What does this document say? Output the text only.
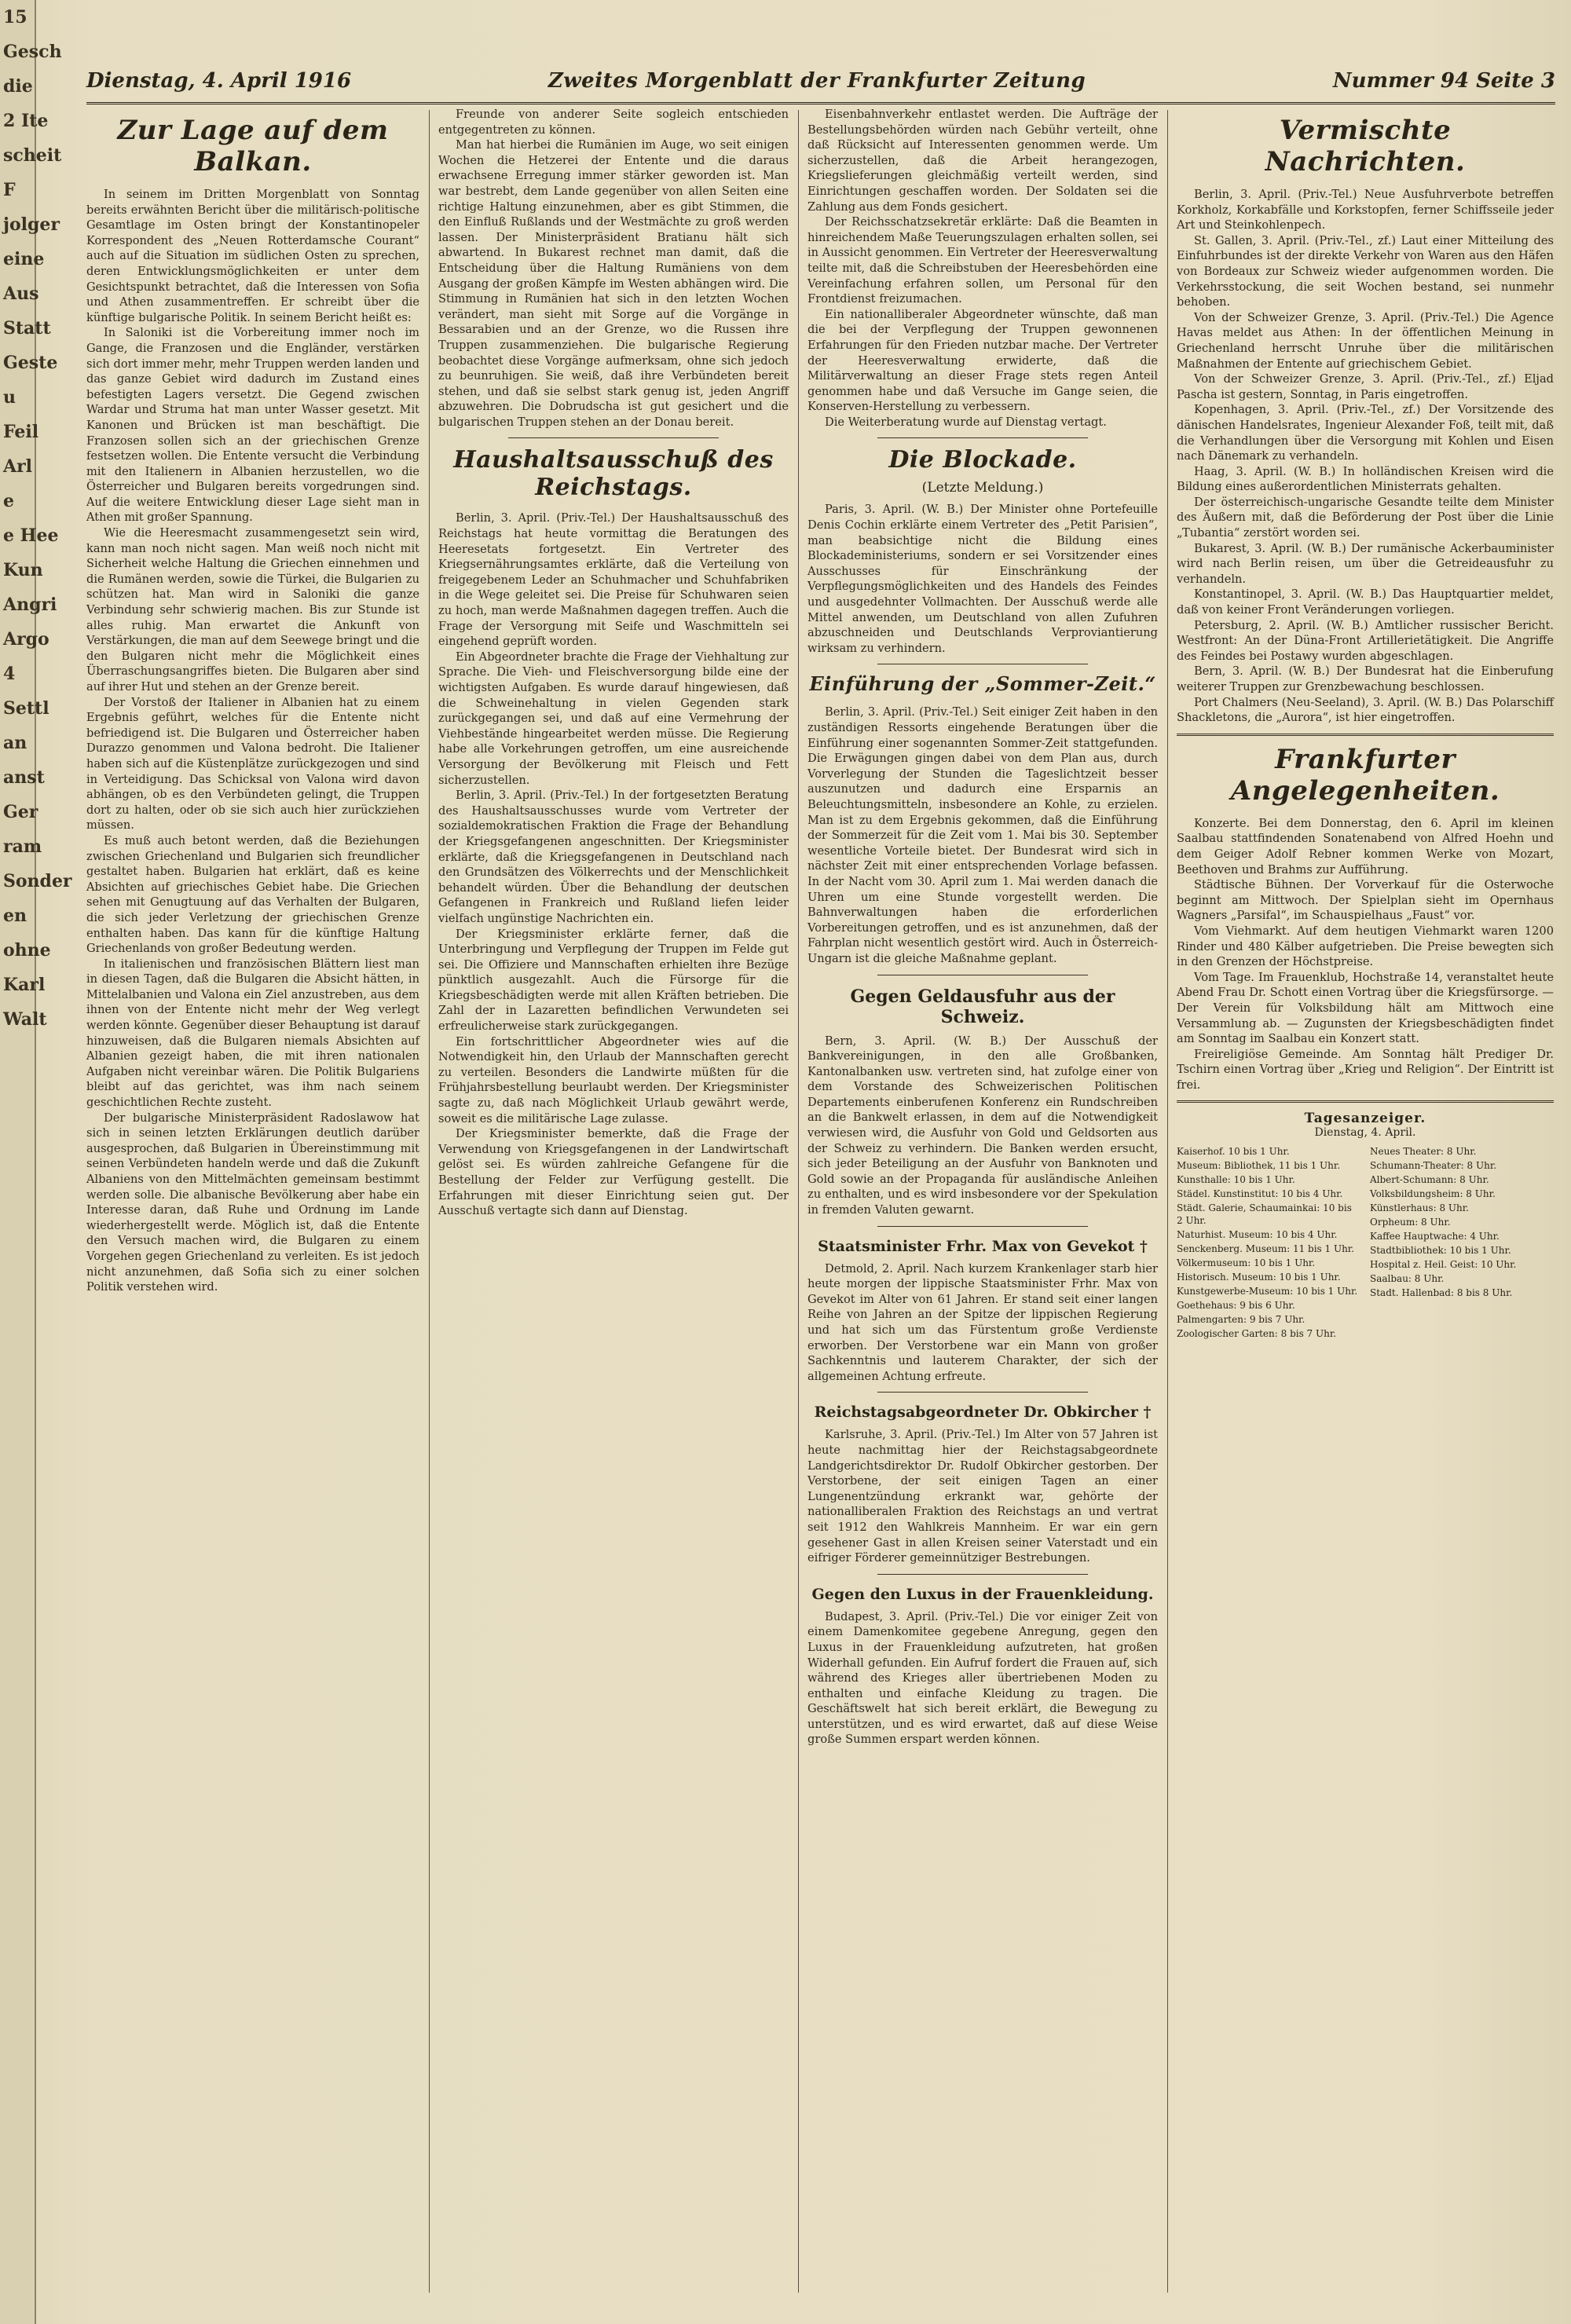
15
Gesch
die
2 Ite
scheit
F
jolger
eine
Aus
Statt
Geste
u
Feil
Arl
e
e Hee
Kun
Angri
Argo
4
Settl
an
anst
Ger
ram
Sonder
en
ohne
Karl
Walt
Dienstag, 4. April 1916	Zweites Morgenblatt der Frankfurter Zeitung	Nummer 94 Seite 3
Zur Lage auf dem Balkan.

In seinem im Dritten Morgenblatt von Sonntag bereits erwähnten Bericht über die militärisch-politische Gesamtlage im Osten bringt der Konstantinopeler Korrespondent des „Neuen Rotterdamsche Courant“ auch auf die Situation im südlichen Osten zu sprechen, deren Entwicklungsmöglichkeiten er unter dem Gesichtspunkt betrachtet, daß die Interessen von Sofia und Athen zusammentreffen. Er schreibt über die künftige bulgarische Politik. In seinem Bericht heißt es:

In Saloniki ist die Vorbereitung immer noch im Gange, die Franzosen und die Engländer, verstärken sich dort immer mehr, mehr Truppen werden landen und das ganze Gebiet wird dadurch im Zustand eines befestigten Lagers versetzt. Die Gegend zwischen Wardar und Struma hat man unter Wasser gesetzt. Mit Kanonen und Brücken ist man beschäftigt. Die Franzosen sollen sich an der griechischen Grenze festsetzen wollen. Die Entente versucht die Verbindung mit den Italienern in Albanien herzustellen, wo die Österreicher und Bulgaren bereits vorgedrungen sind. Auf die weitere Entwicklung dieser Lage sieht man in Athen mit großer Spannung.

Wie die Heeresmacht zusammengesetzt sein wird, kann man noch nicht sagen. Man weiß noch nicht mit Sicherheit welche Haltung die Griechen einnehmen und die Rumänen werden, sowie die Türkei, die Bulgarien zu schützen hat. Man wird in Saloniki die ganze Verbindung sehr schwierig machen. Bis zur Stunde ist alles ruhig. Man erwartet die Ankunft von Verstärkungen, die man auf dem Seewege bringt und die den Bulgaren nicht mehr die Möglichkeit eines Überraschungsangriffes bieten. Die Bulgaren aber sind auf ihrer Hut und stehen an der Grenze bereit.

Der Vorstoß der Italiener in Albanien hat zu einem Ergebnis geführt, welches für die Entente nicht befriedigend ist. Die Bulgaren und Österreicher haben Durazzo genommen und Valona bedroht. Die Italiener haben sich auf die Küstenplätze zurückgezogen und sind in Verteidigung. Das Schicksal von Valona wird davon abhängen, ob es den Verbündeten gelingt, die Truppen dort zu halten, oder ob sie sich auch hier zurückziehen müssen.

Es muß auch betont werden, daß die Beziehungen zwischen Griechenland und Bulgarien sich freundlicher gestaltet haben. Bulgarien hat erklärt, daß es keine Absichten auf griechisches Gebiet habe. Die Griechen sehen mit Genugtuung auf das Verhalten der Bulgaren, die sich jeder Verletzung der griechischen Grenze enthalten haben. Das kann für die künftige Haltung Griechenlands von großer Bedeutung werden.

In italienischen und französischen Blättern liest man in diesen Tagen, daß die Bulgaren die Absicht hätten, in Mittelalbanien und Valona ein Ziel anzustreben, aus dem ihnen von der Entente nicht mehr der Weg verlegt werden könnte. Gegenüber dieser Behauptung ist darauf hinzuweisen, daß die Bulgaren niemals Absichten auf Albanien gezeigt haben, die mit ihren nationalen Aufgaben nicht vereinbar wären. Die Politik Bulgariens bleibt auf das gerichtet, was ihm nach seinem geschichtlichen Rechte zusteht.

Der bulgarische Ministerpräsident Radoslawow hat sich in seinen letzten Erklärungen deutlich darüber ausgesprochen, daß Bulgarien in Übereinstimmung mit seinen Verbündeten handeln werde und daß die Zukunft Albaniens von den Mittelmächten gemeinsam bestimmt werden solle. Die albanische Bevölkerung aber habe ein Interesse daran, daß Ruhe und Ordnung im Lande wiederhergestellt werde. Möglich ist, daß die Entente den Versuch machen wird, die Bulgaren zu einem Vorgehen gegen Griechenland zu verleiten. Es ist jedoch nicht anzunehmen, daß Sofia sich zu einer solchen Politik verstehen wird.

Freunde von anderer Seite sogleich entschieden entgegentreten zu können.

Man hat hierbei die Rumänien im Auge, wo seit einigen Wochen die Hetzerei der Entente und die daraus erwachsene Erregung immer stärker geworden ist. Man war bestrebt, dem Lande gegenüber von allen Seiten eine richtige Haltung einzunehmen, aber es gibt Stimmen, die den Einfluß Rußlands und der Westmächte zu groß werden lassen. Der Ministerpräsident Bratianu hält sich abwartend. In Bukarest rechnet man damit, daß die Entscheidung über die Haltung Rumäniens von dem Ausgang der großen Kämpfe im Westen abhängen wird. Die Stimmung in Rumänien hat sich in den letzten Wochen verändert, man sieht mit Sorge auf die Vorgänge in Bessarabien und an der Grenze, wo die Russen ihre Truppen zusammenziehen. Die bulgarische Regierung beobachtet diese Vorgänge aufmerksam, ohne sich jedoch zu beunruhigen. Sie weiß, daß ihre Verbündeten bereit stehen, und daß sie selbst stark genug ist, jeden Angriff abzuwehren. Die Dobrudscha ist gut gesichert und die bulgarischen Truppen stehen an der Donau bereit.

Haushaltsausschuß des Reichstags.

Berlin, 3. April. (Priv.-Tel.) Der Haushaltsausschuß des Reichstags hat heute vormittag die Beratungen des Heeresetats fortgesetzt. Ein Vertreter des Kriegsernährungsamtes erklärte, daß die Verteilung von freigegebenem Leder an Schuhmacher und Schuhfabriken in die Wege geleitet sei. Die Preise für Schuhwaren seien zu hoch, man werde Maßnahmen dagegen treffen. Auch die Frage der Versorgung mit Seife und Waschmitteln sei eingehend geprüft worden.

Ein Abgeordneter brachte die Frage der Viehhaltung zur Sprache. Die Vieh- und Fleischversorgung bilde eine der wichtigsten Aufgaben. Es wurde darauf hingewiesen, daß die Schweinehaltung in vielen Gegenden stark zurückgegangen sei, und daß auf eine Vermehrung der Viehbestände hingearbeitet werden müsse. Die Regierung habe alle Vorkehrungen getroffen, um eine ausreichende Versorgung der Bevölkerung mit Fleisch und Fett sicherzustellen.

Berlin, 3. April. (Priv.-Tel.) In der fortgesetzten Beratung des Haushaltsausschusses wurde vom Vertreter der sozialdemokratischen Fraktion die Frage der Behandlung der Kriegsgefangenen angeschnitten. Der Kriegsminister erklärte, daß die Kriegsgefangenen in Deutschland nach den Grundsätzen des Völkerrechts und der Menschlichkeit behandelt würden. Über die Behandlung der deutschen Gefangenen in Frankreich und Rußland liefen leider vielfach ungünstige Nachrichten ein.

Der Kriegsminister erklärte ferner, daß die Unterbringung und Verpflegung der Truppen im Felde gut sei. Die Offiziere und Mannschaften erhielten ihre Bezüge pünktlich ausgezahlt. Auch die Fürsorge für die Kriegsbeschädigten werde mit allen Kräften betrieben. Die Zahl der in Lazaretten befindlichen Verwundeten sei erfreulicherweise stark zurückgegangen.

Ein fortschrittlicher Abgeordneter wies auf die Notwendigkeit hin, den Urlaub der Mannschaften gerecht zu verteilen. Besonders die Landwirte müßten für die Frühjahrsbestellung beurlaubt werden. Der Kriegsminister sagte zu, daß nach Möglichkeit Urlaub gewährt werde, soweit es die militärische Lage zulasse.

Der Kriegsminister bemerkte, daß die Frage der Verwendung von Kriegsgefangenen in der Landwirtschaft gelöst sei. Es würden zahlreiche Gefangene für die Bestellung der Felder zur Verfügung gestellt. Die Erfahrungen mit dieser Einrichtung seien gut. Der Ausschuß vertagte sich dann auf Dienstag.

Eisenbahnverkehr entlastet werden. Die Aufträge der Bestellungsbehörden würden nach Gebühr verteilt, ohne daß Rücksicht auf Interessenten genommen werde. Um sicherzustellen, daß die Arbeit herangezogen, Kriegslieferungen gleichmäßig verteilt werden, sind Einrichtungen geschaffen worden. Der Soldaten sei die Zahlung aus dem Fonds gesichert.

Der Reichsschatzsekretär erklärte: Daß die Beamten in hinreichendem Maße Teuerungszulagen erhalten sollen, sei in Aussicht genommen. Ein Vertreter der Heeresverwaltung teilte mit, daß die Schreibstuben der Heeresbehörden eine Vereinfachung erfahren sollen, um Personal für den Frontdienst freizumachen.

Ein nationalliberaler Abgeordneter wünschte, daß man die bei der Verpflegung der Truppen gewonnenen Erfahrungen für den Frieden nutzbar mache. Der Vertreter der Heeresverwaltung erwiderte, daß die Militärverwaltung an dieser Frage stets regen Anteil genommen habe und daß Versuche im Gange seien, die Konserven-Herstellung zu verbessern.

Die Weiterberatung wurde auf Dienstag vertagt.

Die Blockade.
(Letzte Meldung.)

Paris, 3. April. (W. B.) Der Minister ohne Portefeuille Denis Cochin erklärte einem Vertreter des „Petit Parisien“, man beabsichtige nicht die Bildung eines Blockadeministeriums, sondern er sei Vorsitzender eines Ausschusses für Einschränkung der Verpflegungsmöglichkeiten und des Handels des Feindes und ausgedehnter Vollmachten. Der Ausschuß werde alle Mittel anwenden, um Deutschland von allen Zufuhren abzuschneiden und Deutschlands Verproviantierung wirksam zu verhindern.

Einführung der „Sommer-Zeit.“

Berlin, 3. April. (Priv.-Tel.) Seit einiger Zeit haben in den zuständigen Ressorts eingehende Beratungen über die Einführung einer sogenannten Sommer-Zeit stattgefunden. Die Erwägungen gingen dabei von dem Plan aus, durch Vorverlegung der Stunden die Tageslichtzeit besser auszunutzen und dadurch eine Ersparnis an Beleuchtungsmitteln, insbesondere an Kohle, zu erzielen. Man ist zu dem Ergebnis gekommen, daß die Einführung der Sommerzeit für die Zeit vom 1. Mai bis 30. September wesentliche Vorteile bietet. Der Bundesrat wird sich in nächster Zeit mit einer entsprechenden Vorlage befassen. In der Nacht vom 30. April zum 1. Mai werden danach die Uhren um eine Stunde vorgestellt werden. Die Bahnverwaltungen haben die erforderlichen Vorbereitungen getroffen, und es ist anzunehmen, daß der Fahrplan nicht wesentlich gestört wird. Auch in Österreich-Ungarn ist die gleiche Maßnahme geplant.

Gegen Geldausfuhr aus der Schweiz.

Bern, 3. April. (W. B.) Der Ausschuß der Bankvereinigungen, in den alle Großbanken, Kantonalbanken usw. vertreten sind, hat zufolge einer von dem Vorstande des Schweizerischen Politischen Departements einberufenen Konferenz ein Rundschreiben an die Bankwelt erlassen, in dem auf die Notwendigkeit verwiesen wird, die Ausfuhr von Gold und Geldsorten aus der Schweiz zu verhindern. Die Banken werden ersucht, sich jeder Beteiligung an der Ausfuhr von Banknoten und Gold sowie an der Propaganda für ausländische Anleihen zu enthalten, und es wird insbesondere vor der Spekulation in fremden Valuten gewarnt.

Staatsminister Frhr. Max von Gevekot †

Detmold, 2. April. Nach kurzem Krankenlager starb hier heute morgen der lippische Staatsminister Frhr. Max von Gevekot im Alter von 61 Jahren. Er stand seit einer langen Reihe von Jahren an der Spitze der lippischen Regierung und hat sich um das Fürstentum große Verdienste erworben. Der Verstorbene war ein Mann von großer Sachkenntnis und lauterem Charakter, der sich der allgemeinen Achtung erfreute.

Reichstagsabgeordneter Dr. Obkircher †

Karlsruhe, 3. April. (Priv.-Tel.) Im Alter von 57 Jahren ist heute nachmittag hier der Reichstagsabgeordnete Landgerichtsdirektor Dr. Rudolf Obkircher gestorben. Der Verstorbene, der seit einigen Tagen an einer Lungenentzündung erkrankt war, gehörte der nationalliberalen Fraktion des Reichstags an und vertrat seit 1912 den Wahlkreis Mannheim. Er war ein gern gesehener Gast in allen Kreisen seiner Vaterstadt und ein eifriger Förderer gemeinnütziger Bestrebungen.

Gegen den Luxus in der Frauenkleidung.

Budapest, 3. April. (Priv.-Tel.) Die vor einiger Zeit von einem Damenkomitee gegebene Anregung, gegen den Luxus in der Frauenkleidung aufzutreten, hat großen Widerhall gefunden. Ein Aufruf fordert die Frauen auf, sich während des Krieges aller übertriebenen Moden zu enthalten und einfache Kleidung zu tragen. Die Geschäftswelt hat sich bereit erklärt, die Bewegung zu unterstützen, und es wird erwartet, daß auf diese Weise große Summen erspart werden können.

Vermischte Nachrichten.

Berlin, 3. April. (Priv.-Tel.) Neue Ausfuhrverbote betreffen Korkholz, Korkabfälle und Korkstopfen, ferner Schiffsseile jeder Art und Steinkohlenpech.

St. Gallen, 3. April. (Priv.-Tel., zf.) Laut einer Mitteilung des Einfuhrbundes ist der direkte Verkehr von Waren aus den Häfen von Bordeaux zur Schweiz wieder aufgenommen worden. Die Verkehrsstockung, die seit Wochen bestand, sei nunmehr behoben.

Von der Schweizer Grenze, 3. April. (Priv.-Tel.) Die Agence Havas meldet aus Athen: In der öffentlichen Meinung in Griechenland herrscht Unruhe über die militärischen Maßnahmen der Entente auf griechischem Gebiet.

Von der Schweizer Grenze, 3. April. (Priv.-Tel., zf.) Eljad Pascha ist gestern, Sonntag, in Paris eingetroffen.

Kopenhagen, 3. April. (Priv.-Tel., zf.) Der Vorsitzende des dänischen Handelsrates, Ingenieur Alexander Foß, teilt mit, daß die Verhandlungen über die Versorgung mit Kohlen und Eisen nach Dänemark zu verhandeln.

Haag, 3. April. (W. B.) In holländischen Kreisen wird die Bildung eines außerordentlichen Ministerrats gehalten.

Der österreichisch-ungarische Gesandte teilte dem Minister des Äußern mit, daß die Beförderung der Post über die Linie „Tubantia“ zerstört worden sei.

Bukarest, 3. April. (W. B.) Der rumänische Ackerbauminister wird nach Berlin reisen, um über die Getreideausfuhr zu verhandeln.

Konstantinopel, 3. April. (W. B.) Das Hauptquartier meldet, daß von keiner Front Veränderungen vorliegen.

Petersburg, 2. April. (W. B.) Amtlicher russischer Bericht. Westfront: An der Düna-Front Artillerietätigkeit. Die Angriffe des Feindes bei Postawy wurden abgeschlagen.

Bern, 3. April. (W. B.) Der Bundesrat hat die Einberufung weiterer Truppen zur Grenzbewachung beschlossen.

Port Chalmers (Neu-Seeland), 3. April. (W. B.) Das Polarschiff Shackletons, die „Aurora“, ist hier eingetroffen.

Frankfurter Angelegenheiten.

Konzerte. Bei dem Donnerstag, den 6. April im kleinen Saalbau stattfindenden Sonatenabend von Alfred Hoehn und dem Geiger Adolf Rebner kommen Werke von Mozart, Beethoven und Brahms zur Aufführung.

Städtische Bühnen. Der Vorverkauf für die Osterwoche beginnt am Mittwoch. Der Spielplan sieht im Opernhaus Wagners „Parsifal“, im Schauspielhaus „Faust“ vor.

Vom Viehmarkt. Auf dem heutigen Viehmarkt waren 1200 Rinder und 480 Kälber aufgetrieben. Die Preise bewegten sich in den Grenzen der Höchstpreise.

Vom Tage. Im Frauenklub, Hochstraße 14, veranstaltet heute Abend Frau Dr. Schott einen Vortrag über die Kriegsfürsorge. — Der Verein für Volksbildung hält am Mittwoch eine Versammlung ab. — Zugunsten der Kriegsbeschädigten findet am Sonntag im Saalbau ein Konzert statt.

Freireligiöse Gemeinde. Am Sonntag hält Prediger Dr. Tschirn einen Vortrag über „Krieg und Religion“. Der Eintritt ist frei.

Tagesanzeiger.
Dienstag, 4. April.
Kaiserhof. 10 bis 1 Uhr.
Museum: Bibliothek, 11 bis 1 Uhr.
Kunsthalle: 10 bis 1 Uhr.
Städel. Kunstinstitut: 10 bis 4 Uhr.
Städt. Galerie, Schaumainkai: 10 bis 2 Uhr.
Naturhist. Museum: 10 bis 4 Uhr.
Senckenberg. Museum: 11 bis 1 Uhr.
Völkermuseum: 10 bis 1 Uhr.
Historisch. Museum: 10 bis 1 Uhr.
Kunstgewerbe-Museum: 10 bis 1 Uhr.
Goethehaus: 9 bis 6 Uhr.
Palmengarten: 9 bis 7 Uhr.
Zoologischer Garten: 8 bis 7 Uhr.
Neues Theater: 8 Uhr.
Schumann-Theater: 8 Uhr.
Albert-Schumann: 8 Uhr.
Volksbildungsheim: 8 Uhr.
Künstlerhaus: 8 Uhr.
Orpheum: 8 Uhr.
Kaffee Hauptwache: 4 Uhr.
Stadtbibliothek: 10 bis 1 Uhr.
Hospital z. Heil. Geist: 10 Uhr.
Saalbau: 8 Uhr.
Stadt. Hallenbad: 8 bis 8 Uhr.
